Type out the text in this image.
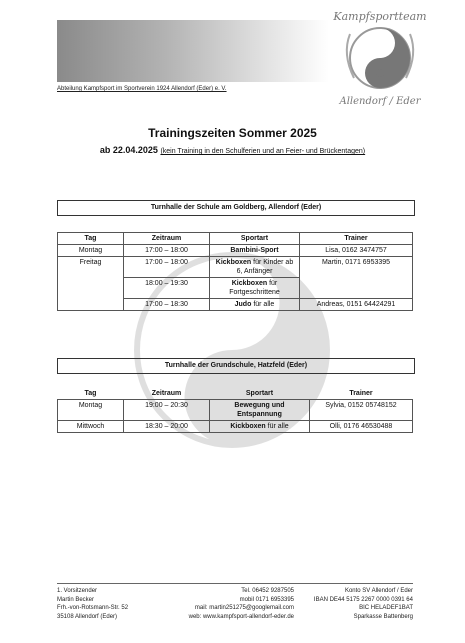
Abteilung Kampfsport im Sportverein 1924 Allendorf (Eder) e. V.
Kampfsportteam
Allendorf / Eder
Trainingszeiten Sommer 2025
ab 22.04.2025 (kein Training in den Schulferien und an Feier- und Brückentagen)
Turnhalle der Schule am Goldberg, Allendorf (Eder)
Tag	Zeitraum	Sportart	Trainer
Montag	17:00 – 18:00	Bambini-Sport	Lisa, 0162 3474757
Freitag	17:00 – 18:00	Kickboxen für Kinder ab 6, Anfänger	Martin, 0171 6953395
	18:00 – 19:30	Kickboxen für Fortgeschrittene	
	17:00 – 18:30	Judo für alle	Andreas, 0151 64424291
Turnhalle der Grundschule, Hatzfeld (Eder)
Tag	Zeitraum	Sportart	Trainer
Montag	19:00 – 20:30	Bewegung und Entspannung	Sylvia, 0152 05748152
Mittwoch	18:30 – 20:00	Kickboxen für alle	Olli, 0176 46530488
1. Vorsitzender
Martin Becker
Frh.-von-Rotsmann-Str. 52
35108 Allendorf (Eder)
Tel. 06452 9287505
mobil 0171 6953395
mail: martin251275@googlemail.com
web: www.kampfsport-allendorf-eder.de
Konto SV Allendorf / Eder
IBAN DE44 5175 2267 0000 0391 64
BIC HELADEF1BAT
Sparkasse Battenberg
